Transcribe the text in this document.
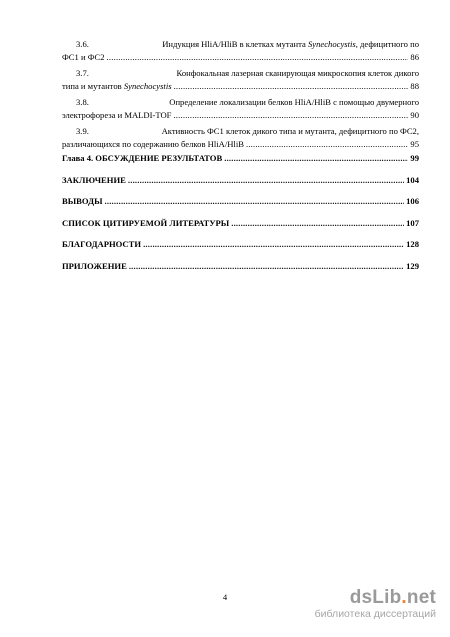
3.6.	Индукция HliA/HliB в клетках мутанта Synechocystis, дефицитного по
ФС1 и ФС2 .....	86
3.7.	Конфокальная лазерная сканирующая микроскопия клеток дикого
типа и мутантов Synechocystis .....	88
3.8.	Определение локализации белков HliA/HliB с помощью двумерного
электрофореза и MALDI-TOF .....	90
3.9.	Активность ФС1 клеток дикого типа и мутанта, дефицитного по ФС2,
различающихся по содержанию белков HliA/HliB .....	95
Глава 4. ОБСУЖДЕНИЕ РЕЗУЛЬТАТОВ .....	99
ЗАКЛЮЧЕНИЕ .....	104
ВЫВОДЫ .....	106
СПИСОК ЦИТИРУЕМОЙ ЛИТЕРАТУРЫ .....	107
БЛАГОДАРНОСТИ .....	128
ПРИЛОЖЕНИЕ .....	129
4	dsLib.net
библиотека диссертаций
